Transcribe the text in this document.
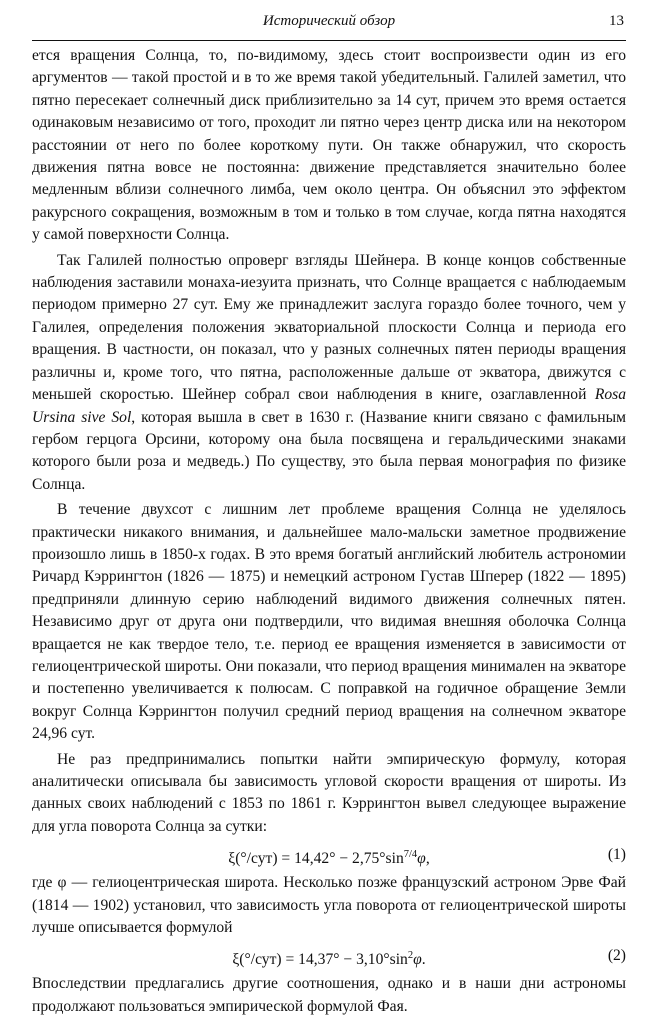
Исторический обзор	13

ется вращения Солнца, то, по-видимому, здесь стоит воспроизвести один из его аргументов — такой простой и в то же время такой убедительный. Галилей заметил, что пятно пересекает солнечный диск приблизительно за 14 сут, причем это время остается одинаковым независимо от того, проходит ли пятно через центр диска или на некотором расстоянии от него по более короткому пути. Он также обнаружил, что скорость движения пятна вовсе не постоянна: движение представляется значительно более медленным вблизи солнечного лимба, чем около центра. Он объяснил это эффектом ракурсного сокращения, возможным в том и только в том случае, когда пятна находятся у самой поверхности Солнца.

Так Галилей полностью опроверг взгляды Шейнера. В конце концов собственные наблюдения заставили монаха-иезуита признать, что Солнце вращается с наблюдаемым периодом примерно 27 сут. Ему же принадлежит заслуга гораздо более точного, чем у Галилея, определения положения экваториальной плоскости Солнца и периода его вращения. В частности, он показал, что у разных солнечных пятен периоды вращения различны и, кроме того, что пятна, расположенные дальше от экватора, движутся с меньшей скоростью. Шейнер собрал свои наблюдения в книге, озаглавленной Rosa Ursina sive Sol, которая вышла в свет в 1630 г. (Название книги связано с фамильным гербом герцога Орсини, которому она была посвящена и геральдическими знаками которого были роза и медведь.) По существу, это была первая монография по физике Солнца.

В течение двухсот с лишним лет проблеме вращения Солнца не уделялось практически никакого внимания, и дальнейшее мало-мальски заметное продвижение произошло лишь в 1850-х годах. В это время богатый английский любитель астрономии Ричард Кэррингтон (1826 — 1875) и немецкий астроном Густав Шперер (1822 — 1895) предприняли длинную серию наблюдений видимого движения солнечных пятен. Независимо друг от друга они подтвердили, что видимая внешняя оболочка Солнца вращается не как твердое тело, т.е. период ее вращения изменяется в зависимости от гелиоцентрической широты. Они показали, что период вращения минимален на экваторе и постепенно увеличивается к полюсам. С поправкой на годичное обращение Земли вокруг Солнца Кэррингтон получил средний период вращения на солнечном экваторе 24,96 сут.

Не раз предпринимались попытки найти эмпирическую формулу, которая аналитически описывала бы зависимость угловой скорости вращения от широты. Из данных своих наблюдений с 1853 по 1861 г. Кэррингтон вывел следующее выражение для угла поворота Солнца за сутки:

$\xi(^\circ/сут) = 14,42^\circ - 2,75^\circ\sin^{7/4}\varphi$,	(1)

где φ — гелиоцентрическая широта. Несколько позже французский астроном Эрве Фай (1814 — 1902) установил, что зависимость угла поворота от гелиоцентрической широты лучше описывается формулой

$\xi(^\circ/сут) = 14,37^\circ - 3,10^\circ\sin^2\varphi$.	(2)

Впоследствии предлагались другие соотношения, однако и в наши дни астрономы продолжают пользоваться эмпирической формулой Фая.
